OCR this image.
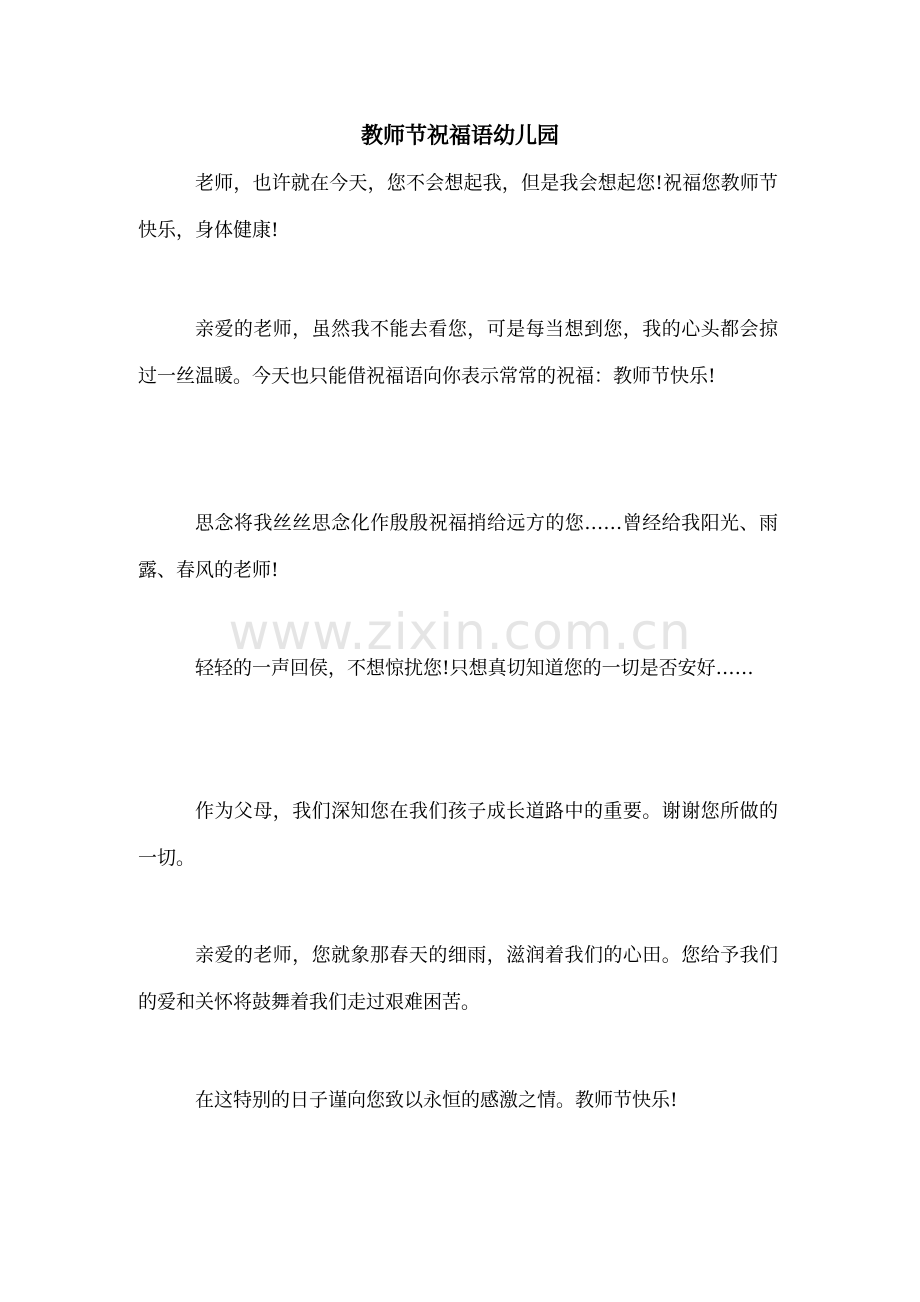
教师节祝福语幼儿园

老师，也许就在今天，您不会想起我，但是我会想起您!祝福您教师节快乐，身体健康!

亲爱的老师，虽然我不能去看您，可是每当想到您，我的心头都会掠过一丝温暖。今天也只能借祝福语向你表示常常的祝福：教师节快乐!

思念将我丝丝思念化作殷殷祝福捎给远方的您……曾经给我阳光、雨露、春风的老师!

轻轻的一声回侯，不想惊扰您!只想真切知道您的一切是否安好……

作为父母，我们深知您在我们孩子成长道路中的重要。谢谢您所做的一切。

亲爱的老师，您就象那春天的细雨，滋润着我们的心田。您给予我们的爱和关怀将鼓舞着我们走过艰难困苦。

在这特别的日子谨向您致以永恒的感激之情。教师节快乐!

www.zixin.com.cn
